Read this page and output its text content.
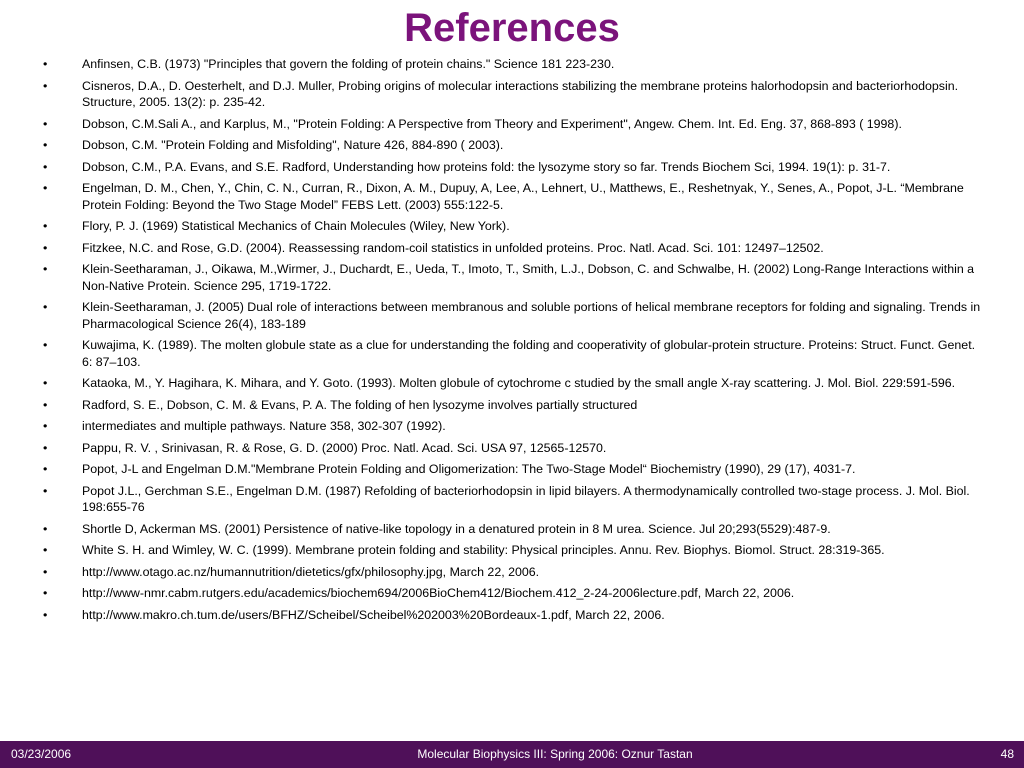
References
•	Anfinsen, C.B. (1973) "Principles that govern the folding of protein chains." Science 181 223-230.
•	Cisneros, D.A., D. Oesterhelt, and D.J. Muller, Probing origins of molecular interactions stabilizing the membrane proteins halorhodopsin and bacteriorhodopsin. Structure, 2005. 13(2): p. 235-42.
•	Dobson, C.M.Sali A., and Karplus, M., "Protein Folding: A Perspective from Theory and Experiment", Angew. Chem. Int. Ed. Eng. 37, 868-893 ( 1998).
•	Dobson, C.M. "Protein Folding and Misfolding", Nature 426, 884-890 ( 2003).
•	Dobson, C.M., P.A. Evans, and S.E. Radford, Understanding how proteins fold: the lysozyme story so far. Trends Biochem Sci, 1994. 19(1): p. 31-7.
•	Engelman, D. M., Chen, Y., Chin, C. N., Curran, R., Dixon, A. M., Dupuy, A, Lee, A., Lehnert, U., Matthews, E., Reshetnyak, Y., Senes, A., Popot, J-L. “Membrane Protein Folding: Beyond the Two Stage Model” FEBS Lett. (2003) 555:122-5.
•	Flory, P. J. (1969) Statistical Mechanics of Chain Molecules (Wiley, New York).
•	Fitzkee, N.C. and Rose, G.D. (2004). Reassessing random-coil statistics in unfolded proteins. Proc. Natl. Acad. Sci. 101: 12497–12502.
•	Klein-Seetharaman, J., Oikawa, M.,Wirmer, J., Duchardt, E., Ueda, T., Imoto, T., Smith, L.J., Dobson, C. and Schwalbe, H. (2002) Long-Range Interactions within a Non-Native Protein. Science 295, 1719-1722.
•	Klein-Seetharaman, J. (2005) Dual role of interactions between membranous and soluble portions of helical membrane receptors for folding and signaling. Trends in Pharmacological Science 26(4), 183-189
•	Kuwajima, K. (1989). The molten globule state as a clue for understanding the folding and cooperativity of globular-protein structure. Proteins: Struct. Funct. Genet. 6: 87–103.
•	Kataoka, M., Y. Hagihara, K. Mihara, and Y. Goto. (1993). Molten globule of cytochrome c studied by the small angle X-ray scattering. J. Mol. Biol. 229:591-596.
•	Radford, S. E., Dobson, C. M. & Evans, P. A. The folding of hen lysozyme involves partially structured
•	intermediates and multiple pathways. Nature 358, 302-307 (1992).
•	Pappu, R. V. , Srinivasan, R. & Rose, G. D. (2000) Proc. Natl. Acad. Sci. USA 97, 12565-12570.
•	Popot, J-L and Engelman D.M."Membrane Protein Folding and Oligomerization: The Two-Stage Model“ Biochemistry (1990), 29 (17), 4031-7.
•	Popot J.L., Gerchman S.E., Engelman D.M. (1987) Refolding of bacteriorhodopsin in lipid bilayers. A thermodynamically controlled two-stage process. J. Mol. Biol. 198:655-76
•	Shortle D, Ackerman MS. (2001) Persistence of native-like topology in a denatured protein in 8 M urea. Science. Jul 20;293(5529):487-9.
•	White S. H. and Wimley, W. C. (1999). Membrane protein folding and stability: Physical principles. Annu. Rev. Biophys. Biomol. Struct. 28:319-365.
•	http://www.otago.ac.nz/humannutrition/dietetics/gfx/philosophy.jpg, March 22, 2006.
•	http://www-nmr.cabm.rutgers.edu/academics/biochem694/2006BioChem412/Biochem.412_2-24-2006lecture.pdf, March 22, 2006.
•	http://www.makro.ch.tum.de/users/BFHZ/Scheibel/Scheibel%202003%20Bordeaux-1.pdf, March 22, 2006.
03/23/2006	Molecular Biophysics III: Spring 2006: Oznur Tastan	48
